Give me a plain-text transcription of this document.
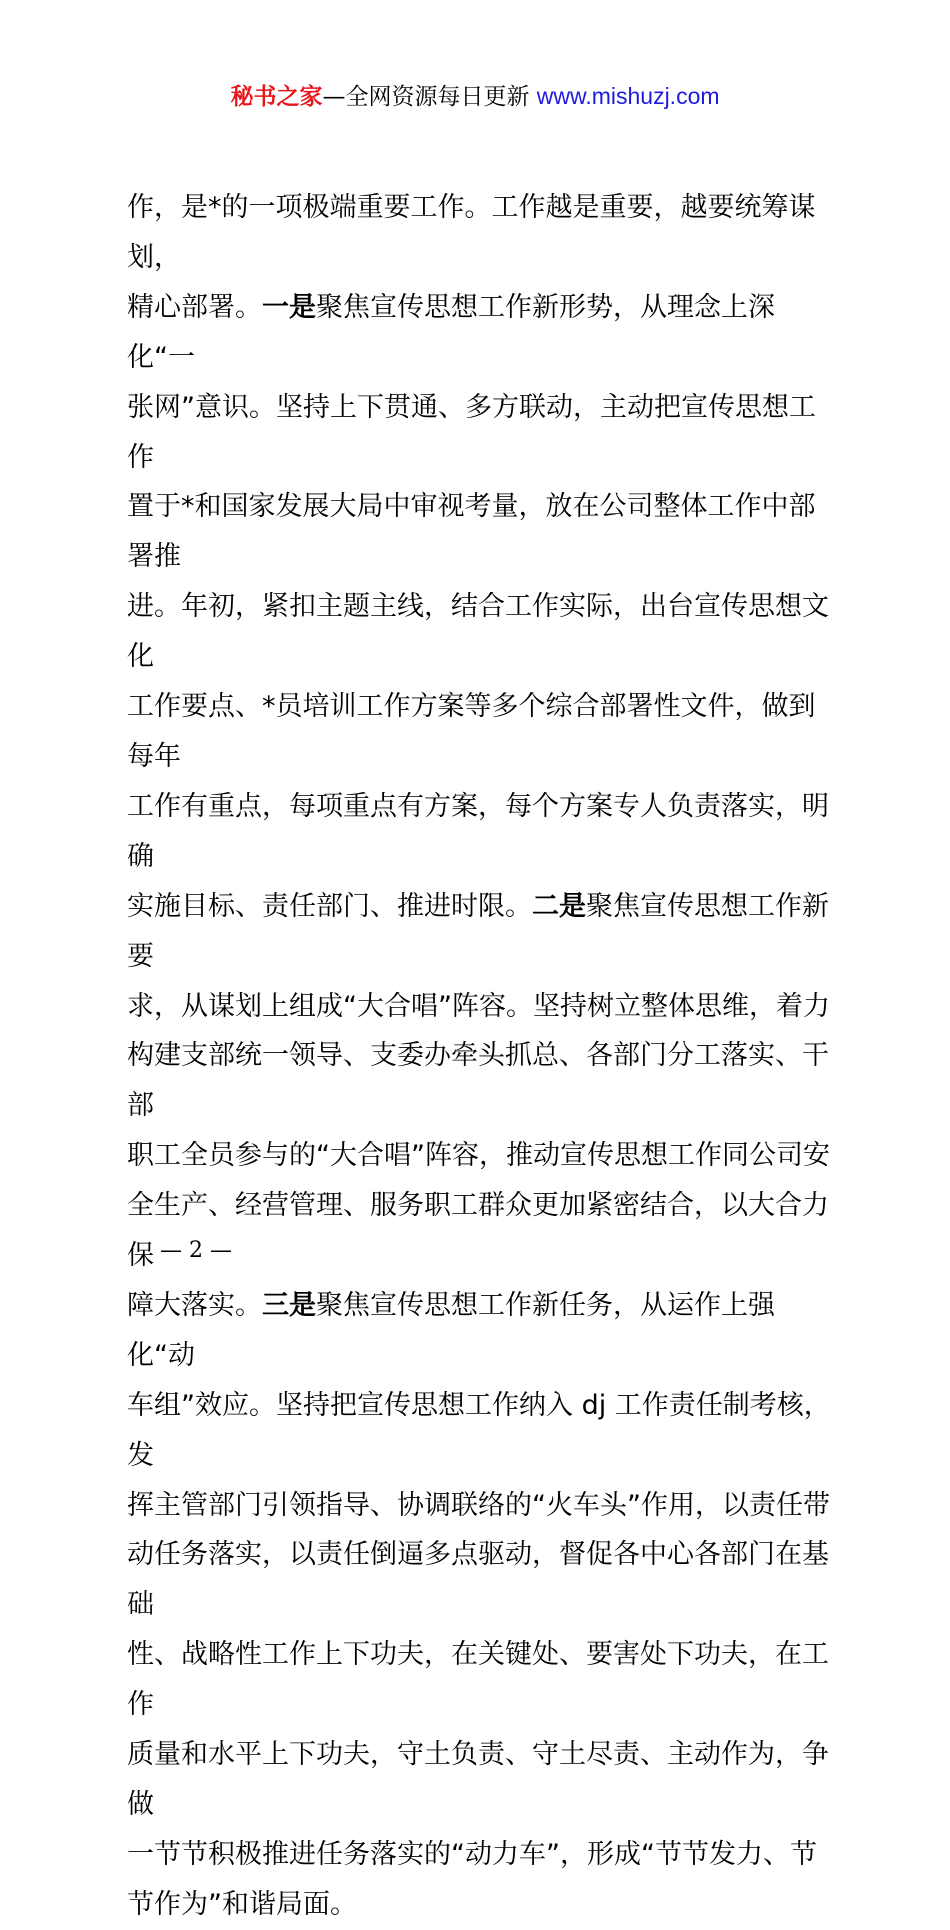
秘书之家—全网资源每日更新 www.mishuzj.com

作，是*的一项极端重要工作。工作越是重要，越要统筹谋划，
精心部署。一是聚焦宣传思想工作新形势，从理念上深化“一
张网”意识。坚持上下贯通、多方联动，主动把宣传思想工作
置于*和国家发展大局中审视考量，放在公司整体工作中部署推
进。年初，紧扣主题主线，结合工作实际，出台宣传思想文化
工作要点、*员培训工作方案等多个综合部署性文件，做到每年
工作有重点，每项重点有方案，每个方案专人负责落实，明确
实施目标、责任部门、推进时限。二是聚焦宣传思想工作新要
求，从谋划上组成“大合唱”阵容。坚持树立整体思维，着力
构建支部统一领导、支委办牵头抓总、各部门分工落实、干部
职工全员参与的“大合唱”阵容，推动宣传思想工作同公司安
全生产、经营管理、服务职工群众更加紧密结合，以大合力保
障大落实。三是聚焦宣传思想工作新任务，从运作上强化“动
车组”效应。坚持把宣传思想工作纳入 dj 工作责任制考核，发
挥主管部门引领指导、协调联络的“火车头”作用，以责任带
动任务落实，以责任倒逼多点驱动，督促各中心各部门在基础
性、战略性工作上下功夫，在关键处、要害处下功夫，在工作
质量和水平上下功夫，守土负责、守土尽责、主动作为，争做
一节节积极推进任务落实的“动力车”，形成“节节发力、节
节作为”和谐局面。

— 2 —
